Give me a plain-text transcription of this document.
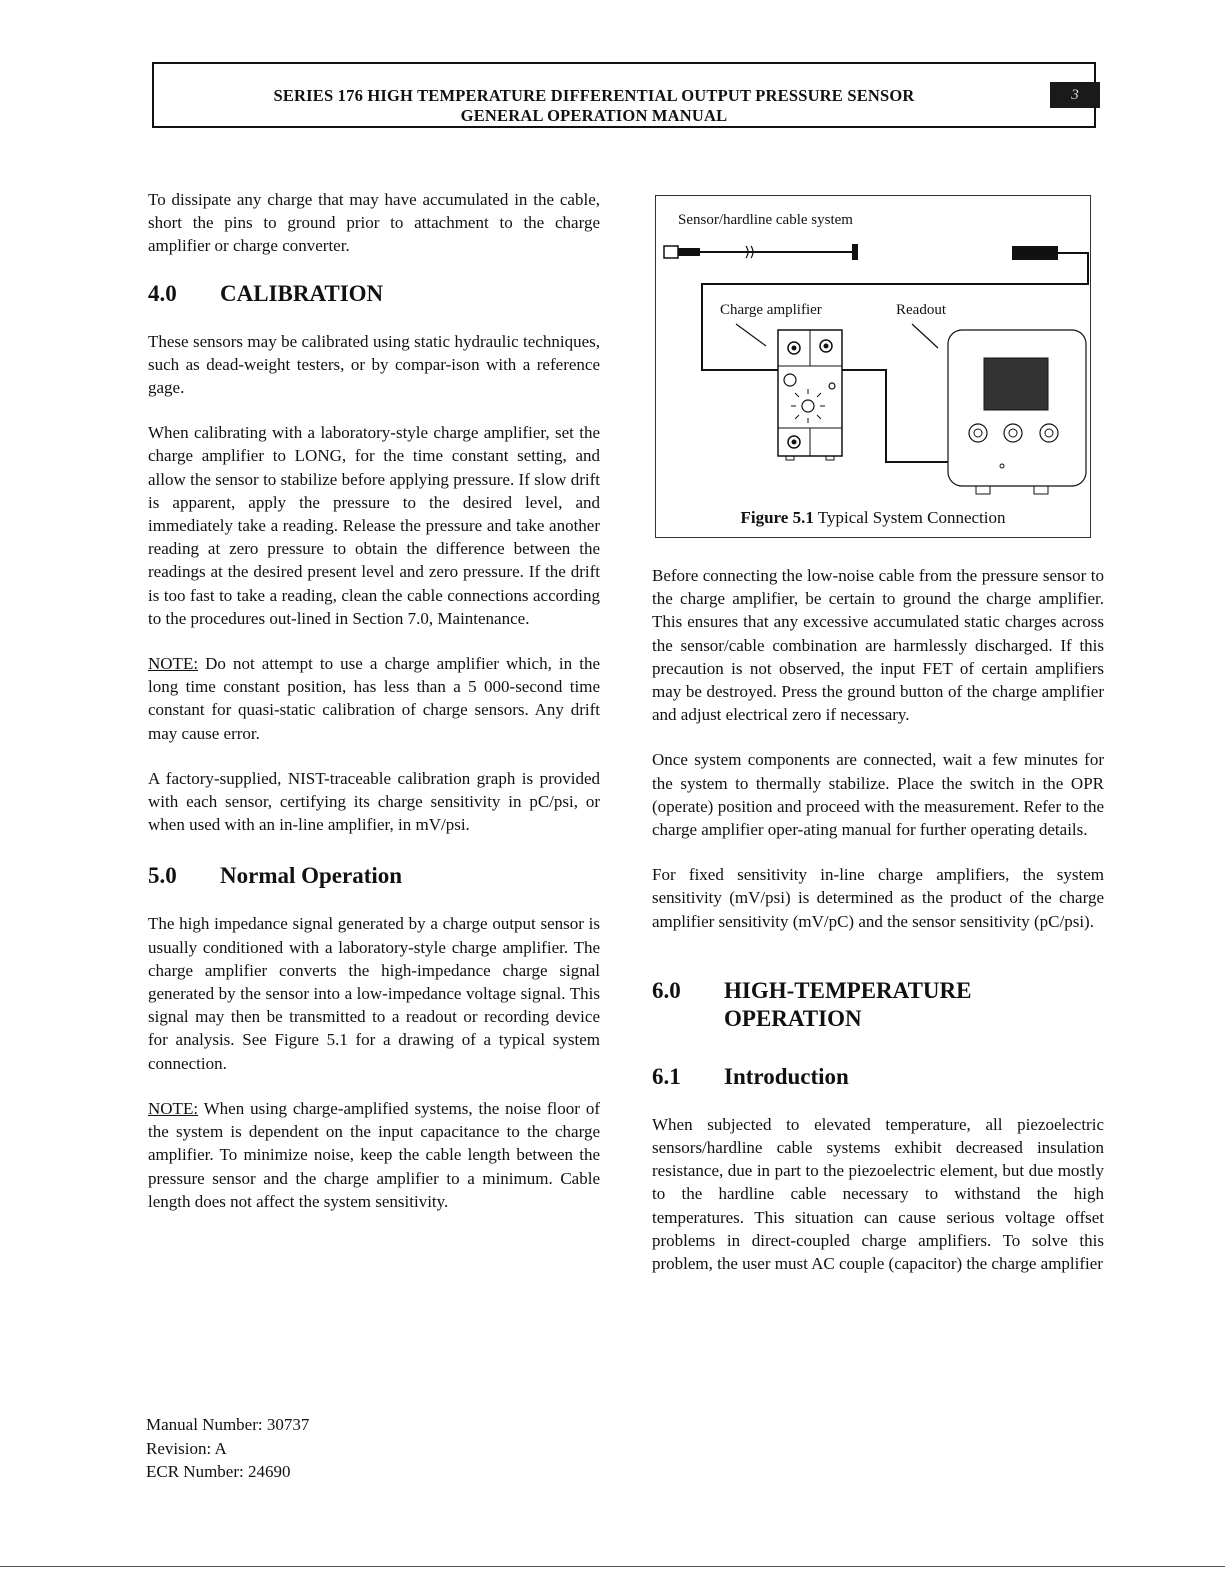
SERIES 176 HIGH TEMPERATURE DIFFERENTIAL OUTPUT PRESSURE SENSOR
GENERAL OPERATION MANUAL
3

To dissipate any charge that may have accumulated in the cable, short the pins to ground prior to attachment to the charge amplifier or charge converter.

4.0	CALIBRATION

These sensors may be calibrated using static hydraulic techniques, such as dead-weight testers, or by compar-ison with a reference gage.

When calibrating with a laboratory-style charge amplifier, set the charge amplifier to LONG, for the time constant setting, and allow the sensor to stabilize before applying pressure. If slow drift is apparent, apply the pressure to the desired level, and immediately take a reading. Release the pressure and take another reading at zero pressure to obtain the difference between the readings at the desired present level and zero pressure. If the drift is too fast to take a reading, clean the cable connections according to the procedures out-lined in Section 7.0, Maintenance.

NOTE: Do not attempt to use a charge amplifier which, in the long time constant position, has less than a 5 000-second time constant for quasi-static calibration of charge sensors. Any drift may cause error.

A factory-supplied, NIST-traceable calibration graph is provided with each sensor, certifying its charge sensitivity in pC/psi, or when used with an in-line amplifier, in mV/psi.

5.0	Normal Operation

The high impedance signal generated by a charge output sensor is usually conditioned with a laboratory-style charge amplifier. The charge amplifier converts the high-impedance charge signal generated by the sensor into a low-impedance voltage signal. This signal may then be transmitted to a readout or recording device for analysis. See Figure 5.1 for a drawing of a typical system connection.

NOTE: When using charge-amplified systems, the noise floor of the system is dependent on the input capacitance to the charge amplifier. To minimize noise, keep the cable length between the pressure sensor and the charge amplifier to a minimum. Cable length does not affect the system sensitivity.

Sensor/hardline cable system
Charge amplifier	Readout
Figure 5.1 Typical System Connection

Before connecting the low-noise cable from the pressure sensor to the charge amplifier, be certain to ground the charge amplifier. This ensures that any excessive accumulated static charges across the sensor/cable combination are harmlessly discharged. If this precaution is not observed, the input FET of certain amplifiers may be destroyed. Press the ground button of the charge amplifier and adjust electrical zero if necessary.

Once system components are connected, wait a few minutes for the system to thermally stabilize. Place the switch in the OPR (operate) position and proceed with the measurement. Refer to the charge amplifier oper-ating manual for further operating details.

For fixed sensitivity in-line charge amplifiers, the system sensitivity (mV/psi) is determined as the product of the charge amplifier sensitivity (mV/pC) and the sensor sensitivity (pC/psi).

6.0	HIGH-TEMPERATURE OPERATION
6.1	Introduction

When subjected to elevated temperature, all piezoelectric sensors/hardline cable systems exhibit decreased insulation resistance, due in part to the piezoelectric element, but due mostly to the hardline cable necessary to withstand the high temperatures. This situation can cause serious voltage offset problems in direct-coupled charge amplifiers. To solve this problem, the user must AC couple (capacitor) the charge amplifier

Manual Number: 30737
Revision: A
ECR Number: 24690
